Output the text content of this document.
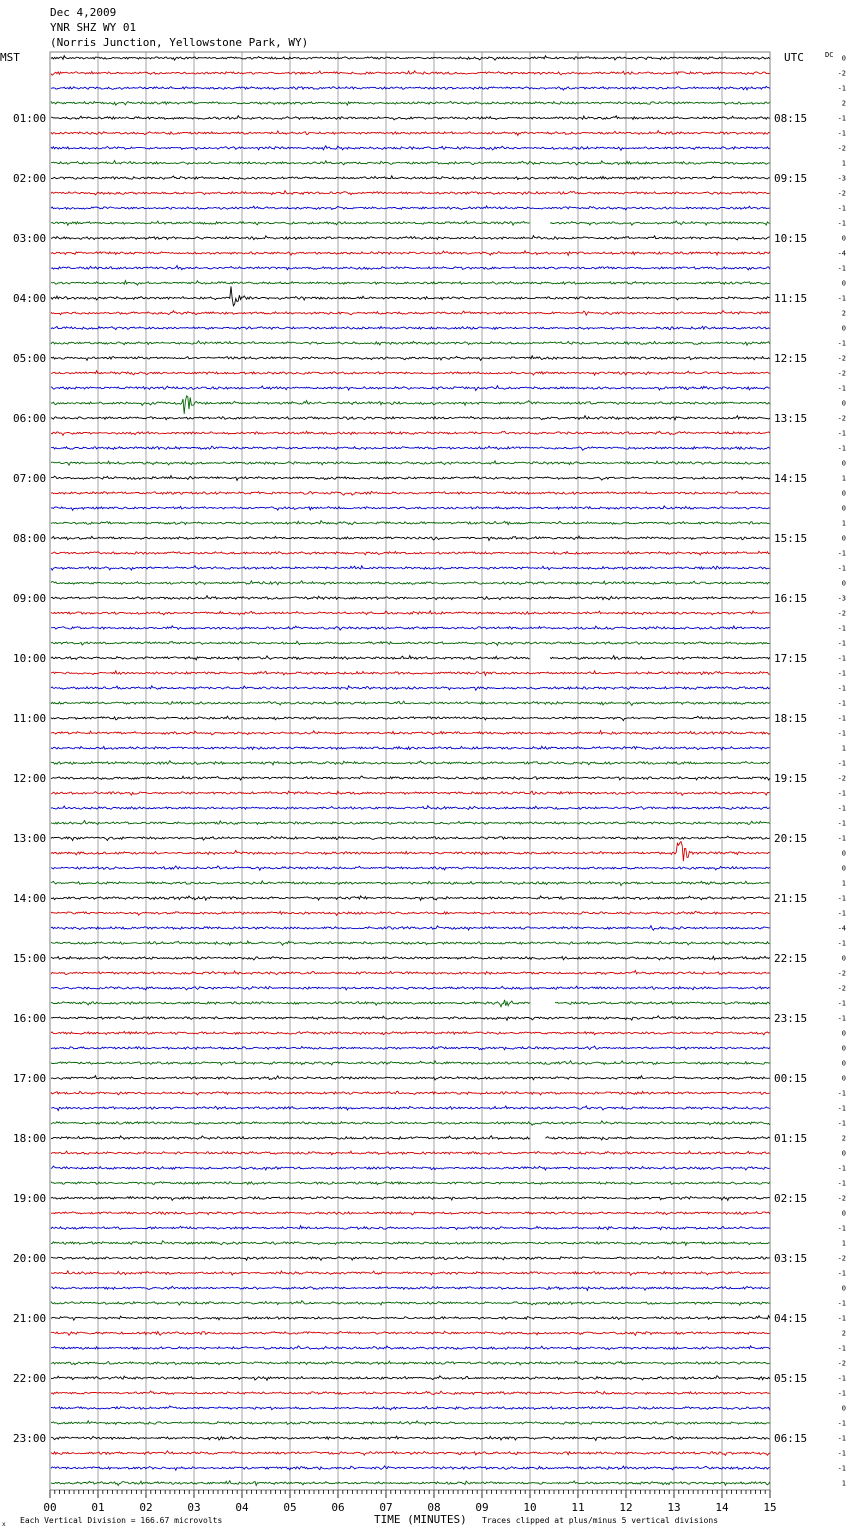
Dec 4,2009
YNR SHZ WY 01
(Norris Junction, Yellowstone Park, WY)
MST	UTC	DC
01:00
02:00
03:00
04:00
05:00
06:00
07:00
08:00
09:00
10:00
11:00
12:00
13:00
14:00
15:00
16:00
17:00
18:00
19:00
20:00
21:00
22:00
23:00
08:15
09:15
10:15
11:15
12:15
13:15
14:15
15:15
16:15
17:15
18:15
19:15
20:15
21:15
22:15
23:15
00:15
01:15
02:15
03:15
04:15
05:15
06:15
0
-2
-1
2
-1
-1
-2
1
-3
-2
-1
-1
0
-4
-1
0
-1
2
0
-1
-2
-2
-1
0
-2
-1
-1
0
1
0
0
1
0
-1
-1
0
-3
-2
-1
-1
-1
-1
-1
-1
-1
-1
1
-1
-2
-1
-1
-1
-1
0
0
1
-1
-1
-4
-1
0
-2
-2
-1
-1
0
0
0
0
-1
-1
-1
2
0
-1
-1
-2
0
-1
1
-2
-1
0
-1
-1
2
-1
-2
-1
-1
0
-1
-1
-1
-1
1
00	01	02	03	04	05	06	07	08	09	10	11	12	13	14	15
x Each Vertical Division = 166.67 microvolts	TIME (MINUTES) Traces clipped at plus/minus 5 vertical divisions
